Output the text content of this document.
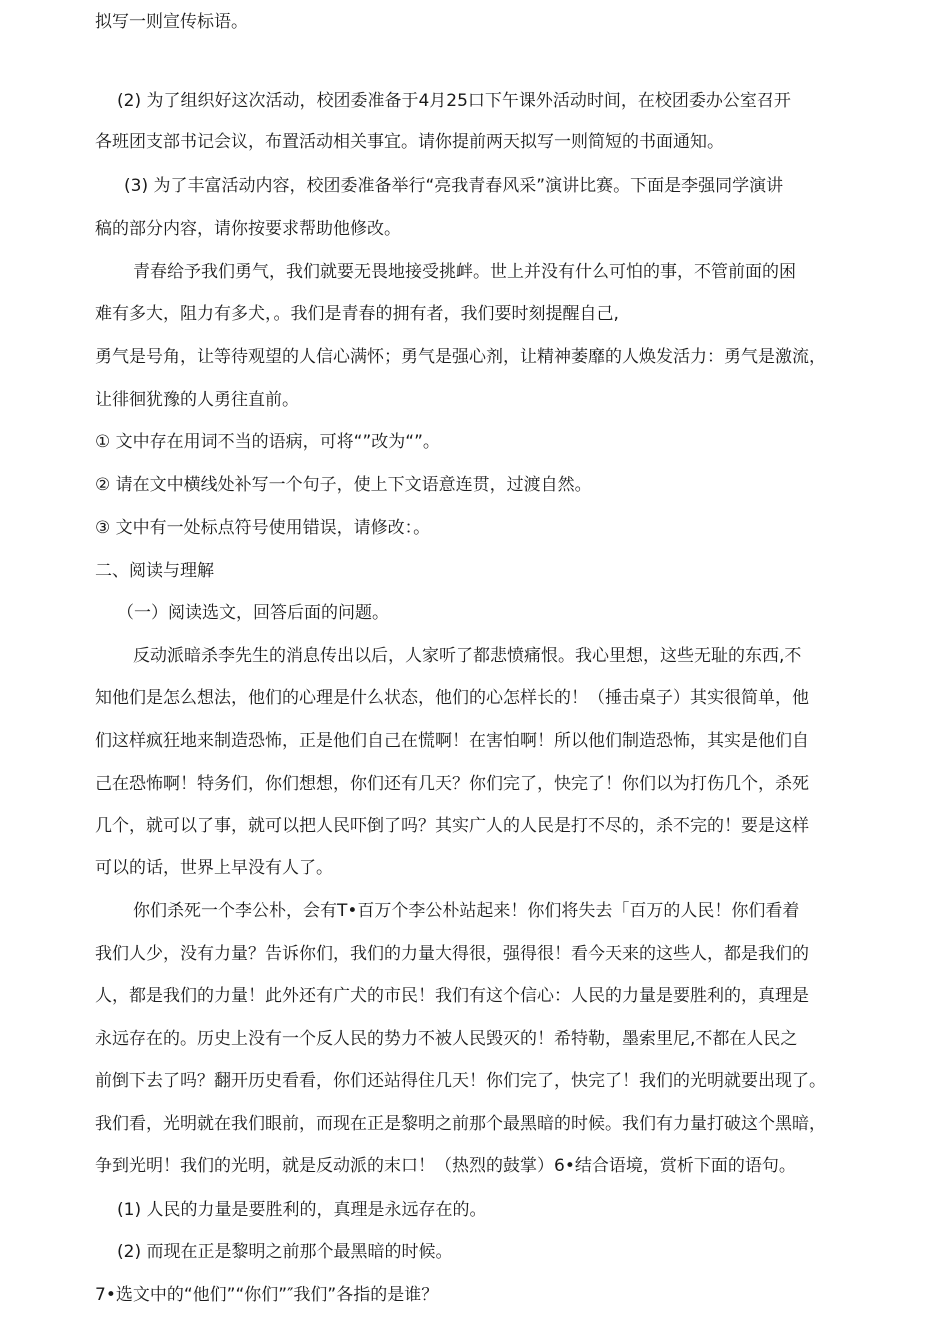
拟写一则宣传标语。
(2) 为了组织好这次活动，校团委准备于4月25口下午课外活动时间，在校团委办公室召开
各班团支部书记会议，布置活动相关事宜。请你提前两天拟写一则简短的书面通知。
(3) 为了丰富活动内容，校团委准备举行“亮我青春风采”演讲比赛。下面是李强同学演讲
稿的部分内容，请你按要求帮助他修改。
青春给予我们勇气，我们就要无畏地接受挑衅。世上并没有什么可怕的事，不管前面的困
难有多大，阻力有多犬，。我们是青春的拥有者，我们要时刻提醒自己,
勇气是号角，让等待观望的人信心满怀；勇气是强心剂，让精神萎靡的人焕发活力：勇气是激流，
让徘徊犹豫的人勇往直前。
① 文中存在用词不当的语病，可将“”改为“”。
② 请在文中横线处补写一个句子，使上下文语意连贯，过渡自然。
③ 文中有一处标点符号使用错误，请修改：。
二、阅读与理解
（一）阅读选文，回答后面的问题。
反动派暗杀李先生的消息传出以后，人家听了都悲愤痛恨。我心里想，这些无耻的东西,不
知他们是怎么想法，他们的心理是什么状态，他们的心怎样长的！（捶击桌子）其实很简单，他
们这样疯狂地来制造恐怖，正是他们自己在慌啊！在害怕啊！所以他们制造恐怖，其实是他们自
己在恐怖啊！特务们，你们想想，你们还有几天？你们完了，快完了！你们以为打伤几个，杀死
几个，就可以了事，就可以把人民吓倒了吗？其实广人的人民是打不尽的，杀不完的！要是这样
可以的话，世界上早没有人了。
你们杀死一个李公朴，会有T•百万个李公朴站起来！你们将失去「百万的人民！你们看着
我们人少，没有力量？告诉你们，我们的力量大得很，强得很！看今天来的这些人，都是我们的
人，都是我们的力量！此外还有广犬的市民！我们有这个信心：人民的力量是要胜利的，真理是
永远存在的。历史上没有一个反人民的势力不被人民毁灭的！希特勒，墨索里尼,不都在人民之
前倒下去了吗？翻开历史看看，你们还站得住几天！你们完了，快完了！我们的光明就要出现了。
我们看，光明就在我们眼前，而现在正是黎明之前那个最黑暗的时候。我们有力量打破这个黑暗，
争到光明！我们的光明，就是反动派的末口！（热烈的鼓掌）6•结合语境，赏析下面的语句。
(1) 人民的力量是要胜利的，真理是永远存在的。
(2) 而现在正是黎明之前那个最黑暗的时候。
7•选文中的“他们”“你们”″我们”各指的是谁？
